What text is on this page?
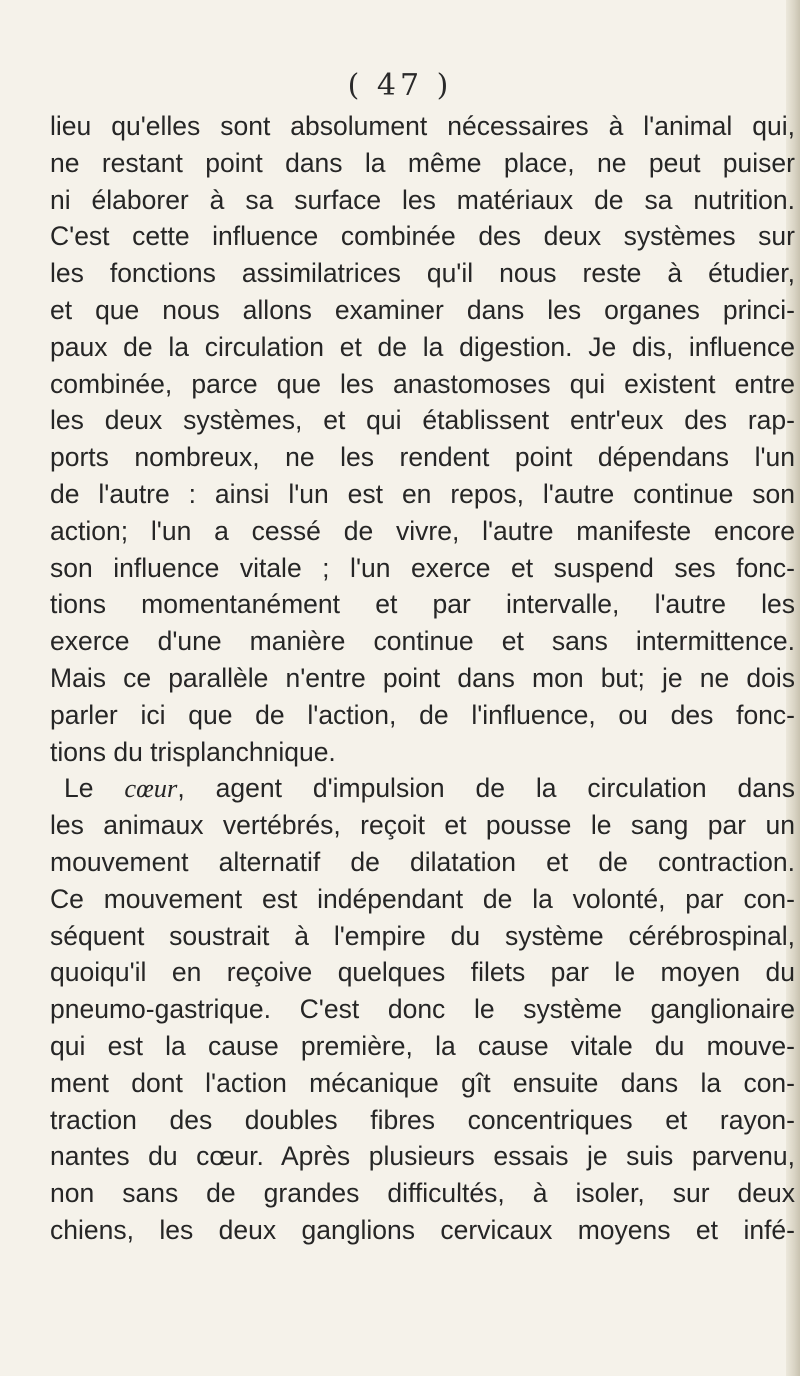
( 47 )
lieu qu'elles sont absolument nécessaires à l'animal qui,
ne restant point dans la même place, ne peut puiser
ni élaborer à sa surface les matériaux de sa nutrition.
C'est cette influence combinée des deux systèmes sur
les fonctions assimilatrices qu'il nous reste à étudier,
et que nous allons examiner dans les organes princi-
paux de la circulation et de la digestion. Je dis, influence
combinée, parce que les anastomoses qui existent entre
les deux systèmes, et qui établissent entr'eux des rap-
ports nombreux, ne les rendent point dépendans l'un
de l'autre : ainsi l'un est en repos, l'autre continue son
action; l'un a cessé de vivre, l'autre manifeste encore
son influence vitale ; l'un exerce et suspend ses fonc-
tions momentanément et par intervalle, l'autre les
exerce d'une manière continue et sans intermittence.
Mais ce parallèle n'entre point dans mon but; je ne dois
parler ici que de l'action, de l'influence, ou des fonc-
tions du trisplanchnique.
Le cœur, agent d'impulsion de la circulation dans
les animaux vertébrés, reçoit et pousse le sang par un
mouvement alternatif de dilatation et de contraction.
Ce mouvement est indépendant de la volonté, par con-
séquent soustrait à l'empire du système cérébrospinal,
quoiqu'il en reçoive quelques filets par le moyen du
pneumo-gastrique. C'est donc le système ganglionaire
qui est la cause première, la cause vitale du mouve-
ment dont l'action mécanique gît ensuite dans la con-
traction des doubles fibres concentriques et rayon-
nantes du cœur. Après plusieurs essais je suis parvenu,
non sans de grandes difficultés, à isoler, sur deux
chiens, les deux ganglions cervicaux moyens et infé-
